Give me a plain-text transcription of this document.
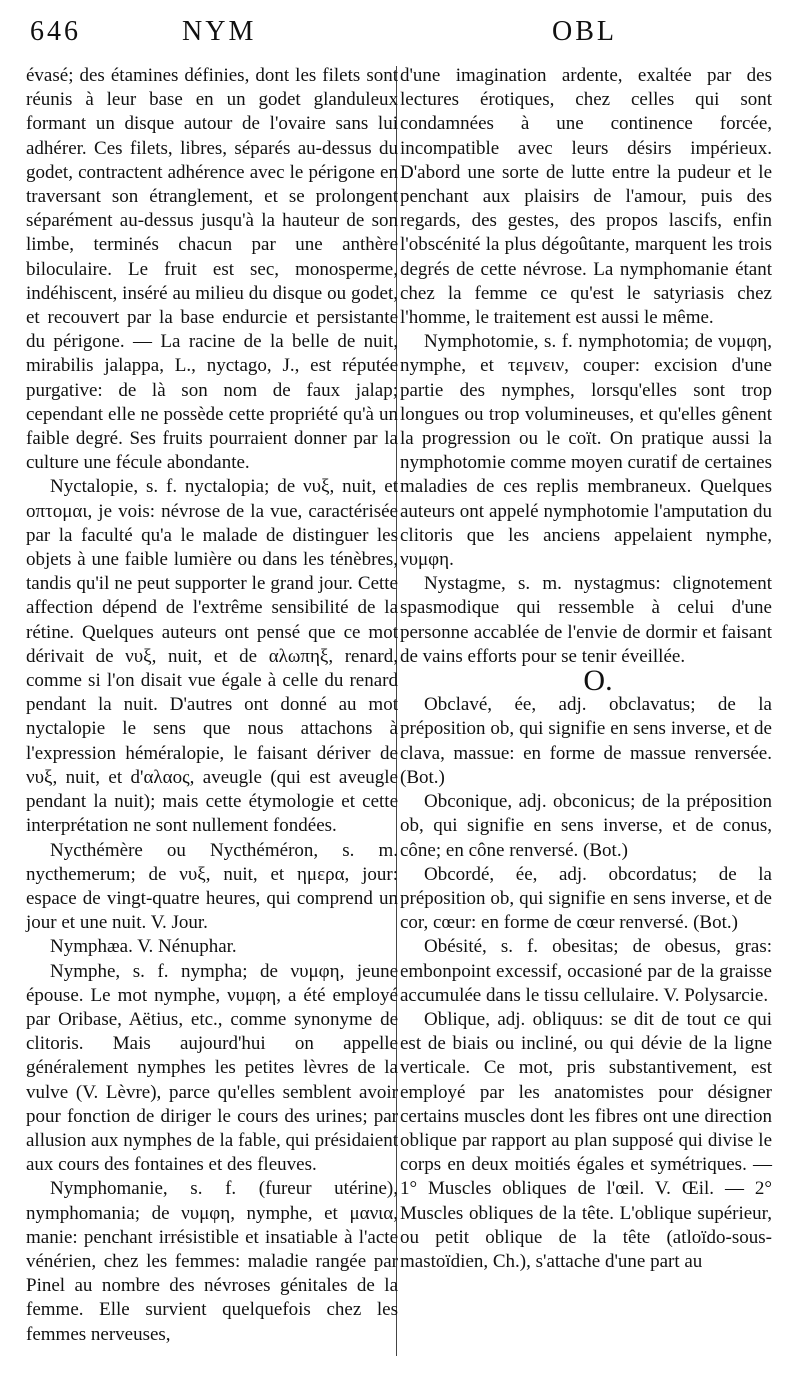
646	NYM	OBL

évasé; des étamines définies, dont les filets sont réunis à leur base en un godet glanduleux formant un disque autour de l'ovaire sans lui adhérer. Ces filets, libres, séparés au-dessus du godet, contractent adhérence avec le périgone en traversant son étranglement, et se prolongent séparément au-dessus jusqu'à la hauteur de son limbe, terminés chacun par une anthère biloculaire. Le fruit est sec, monosperme, indéhiscent, inséré au milieu du disque ou godet, et recouvert par la base endurcie et persistante du périgone. — La racine de la belle de nuit, mirabilis jalappa, L., nyctago, J., est réputée purgative: de là son nom de faux jalap; cependant elle ne possède cette propriété qu'à un faible degré. Ses fruits pourraient donner par la culture une fécule abondante.

Nyctalopie, s. f. nyctalopia; de νυξ, nuit, et οπτομαι, je vois: névrose de la vue, caractérisée par la faculté qu'a le malade de distinguer les objets à une faible lumière ou dans les ténèbres, tandis qu'il ne peut supporter le grand jour. Cette affection dépend de l'extrême sensibilité de la rétine. Quelques auteurs ont pensé que ce mot dérivait de νυξ, nuit, et de αλωπηξ, renard, comme si l'on disait vue égale à celle du renard pendant la nuit. D'autres ont donné au mot nyctalopie le sens que nous attachons à l'expression héméralopie, le faisant dériver de νυξ, nuit, et d'αλαος, aveugle (qui est aveugle pendant la nuit); mais cette étymologie et cette interprétation ne sont nullement fondées.

Nycthémère ou Nycthéméron, s. m. nycthemerum; de νυξ, nuit, et ημερα, jour: espace de vingt-quatre heures, qui comprend un jour et une nuit. V. Jour.

Nymphæa. V. Nénuphar.

Nymphe, s. f. nympha; de νυμφη, jeune épouse. Le mot nymphe, νυμφη, a été employé par Oribase, Aëtius, etc., comme synonyme de clitoris. Mais aujourd'hui on appelle généralement nymphes les petites lèvres de la vulve (V. Lèvre), parce qu'elles semblent avoir pour fonction de diriger le cours des urines; par allusion aux nymphes de la fable, qui présidaient aux cours des fontaines et des fleuves.

Nymphomanie, s. f. (fureur utérine), nymphomania; de νυμφη, nymphe, et μανια, manie: penchant irrésistible et insatiable à l'acte vénérien, chez les femmes: maladie rangée par Pinel au nombre des névroses génitales de la femme. Elle survient quelquefois chez les femmes nerveuses,

d'une imagination ardente, exaltée par des lectures érotiques, chez celles qui sont condamnées à une continence forcée, incompatible avec leurs désirs impérieux. D'abord une sorte de lutte entre la pudeur et le penchant aux plaisirs de l'amour, puis des regards, des gestes, des propos lascifs, enfin l'obscénité la plus dégoûtante, marquent les trois degrés de cette névrose. La nymphomanie étant chez la femme ce qu'est le satyriasis chez l'homme, le traitement est aussi le même.

Nymphotomie, s. f. nymphotomia; de νυμφη, nymphe, et τεμνειν, couper: excision d'une partie des nymphes, lorsqu'elles sont trop longues ou trop volumineuses, et qu'elles gênent la progression ou le coït. On pratique aussi la nymphotomie comme moyen curatif de certaines maladies de ces replis membraneux. Quelques auteurs ont appelé nymphotomie l'amputation du clitoris que les anciens appelaient nymphe, νυμφη.

Nystagme, s. m. nystagmus: clignotement spasmodique qui ressemble à celui d'une personne accablée de l'envie de dormir et faisant de vains efforts pour se tenir éveillée.

O.

Obclavé, ée, adj. obclavatus; de la préposition ob, qui signifie en sens inverse, et de clava, massue: en forme de massue renversée. (Bot.)

Obconique, adj. obconicus; de la préposition ob, qui signifie en sens inverse, et de conus, cône; en cône renversé. (Bot.)

Obcordé, ée, adj. obcordatus; de la préposition ob, qui signifie en sens inverse, et de cor, cœur: en forme de cœur renversé. (Bot.)

Obésité, s. f. obesitas; de obesus, gras: embonpoint excessif, occasioné par de la graisse accumulée dans le tissu cellulaire. V. Polysarcie.

Oblique, adj. obliquus: se dit de tout ce qui est de biais ou incliné, ou qui dévie de la ligne verticale. Ce mot, pris substantivement, est employé par les anatomistes pour désigner certains muscles dont les fibres ont une direction oblique par rapport au plan supposé qui divise le corps en deux moitiés égales et symétriques. — 1° Muscles obliques de l'œil. V. Œil. — 2° Muscles obliques de la tête. L'oblique supérieur, ou petit oblique de la tête (atloïdo-sous-mastoïdien, Ch.), s'attache d'une part au
